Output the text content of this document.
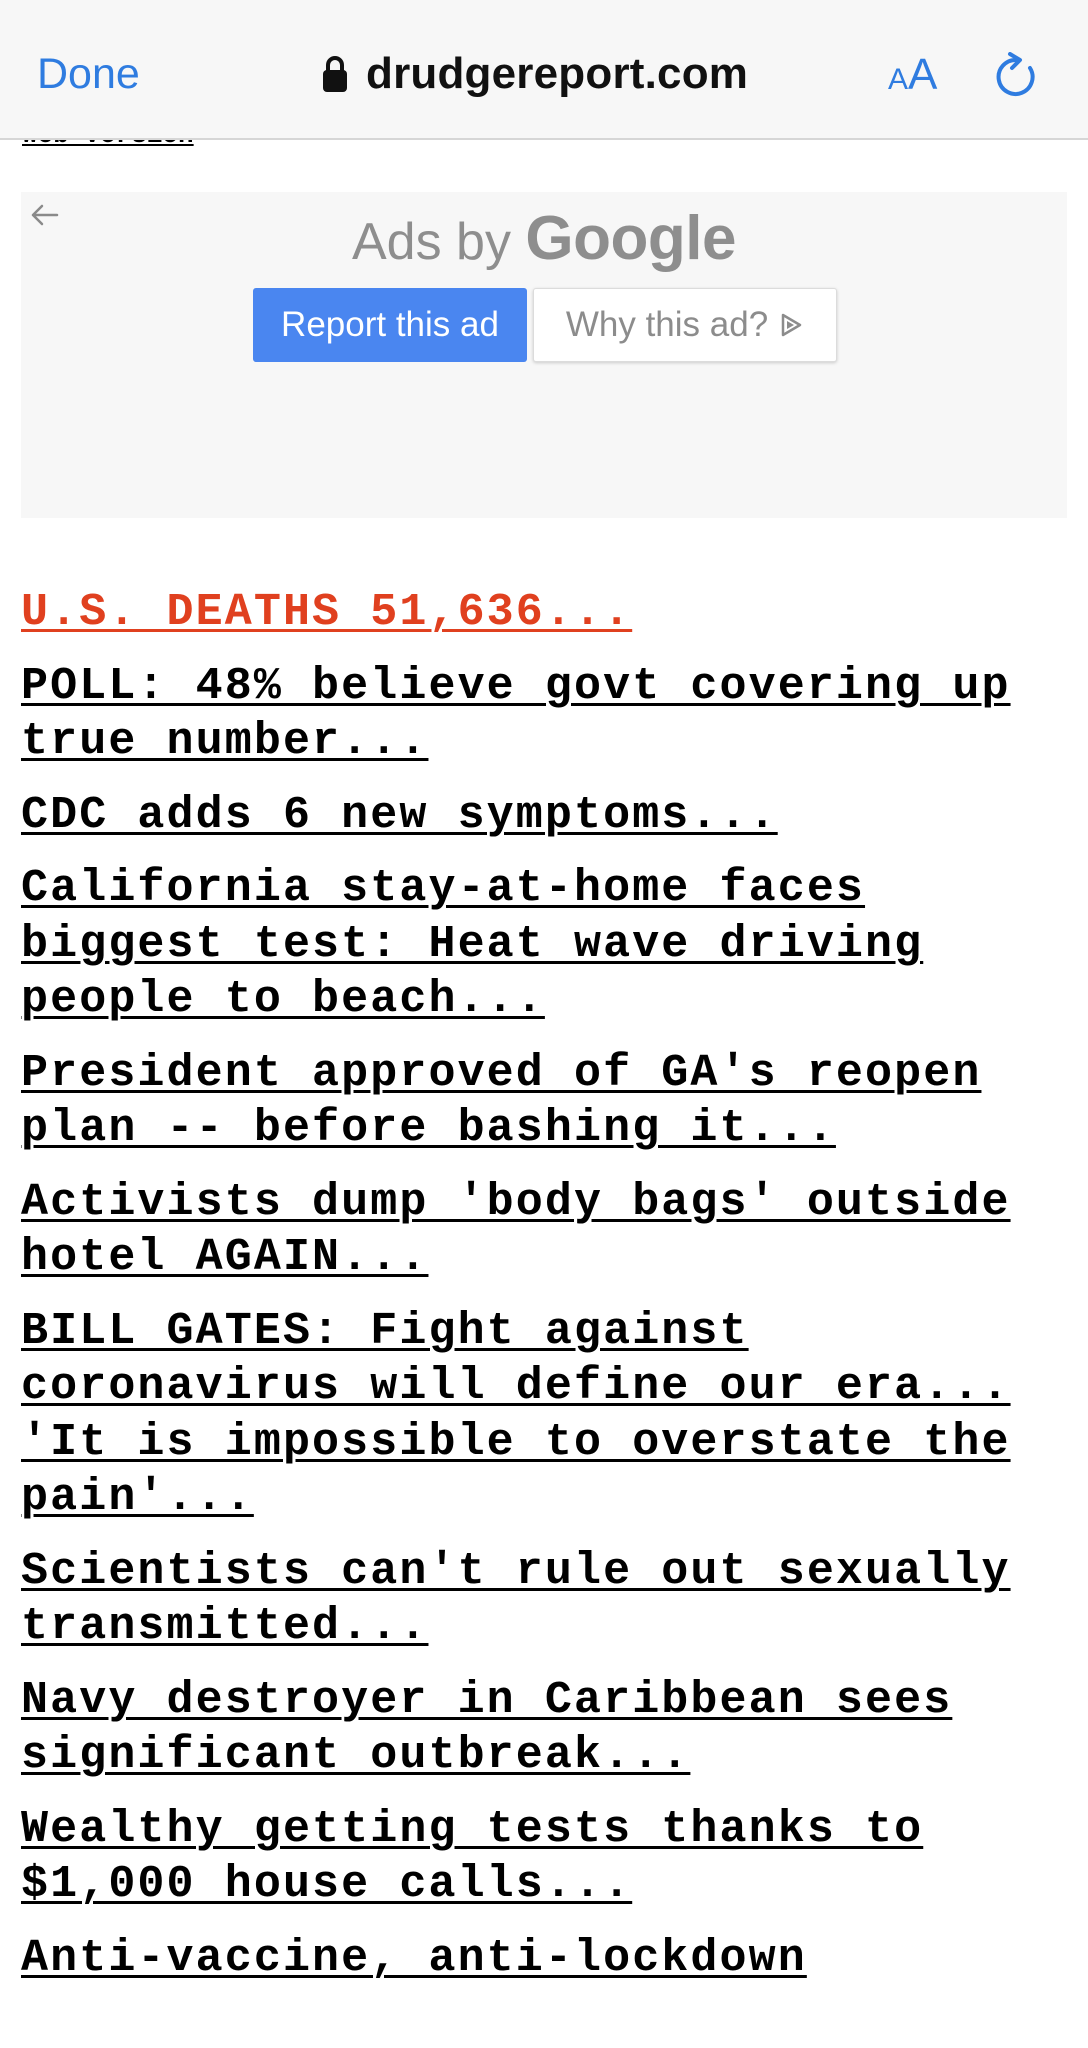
Done	drudgereport.com	AA
Ads by Google
Report this ad	Why this ad?
U.S. DEATHS 51,636...
POLL: 48% believe govt covering up true number...
CDC adds 6 new symptoms...
California stay-at-home faces biggest test: Heat wave driving people to beach...
President approved of GA's reopen plan -- before bashing it...
Activists dump 'body bags' outside hotel AGAIN...
BILL GATES: Fight against coronavirus will define our era...
'It is impossible to overstate the pain'...
Scientists can't rule out sexually transmitted...
Navy destroyer in Caribbean sees significant outbreak...
Wealthy getting tests thanks to $1,000 house calls...
Anti-vaccine, anti-lockdown
